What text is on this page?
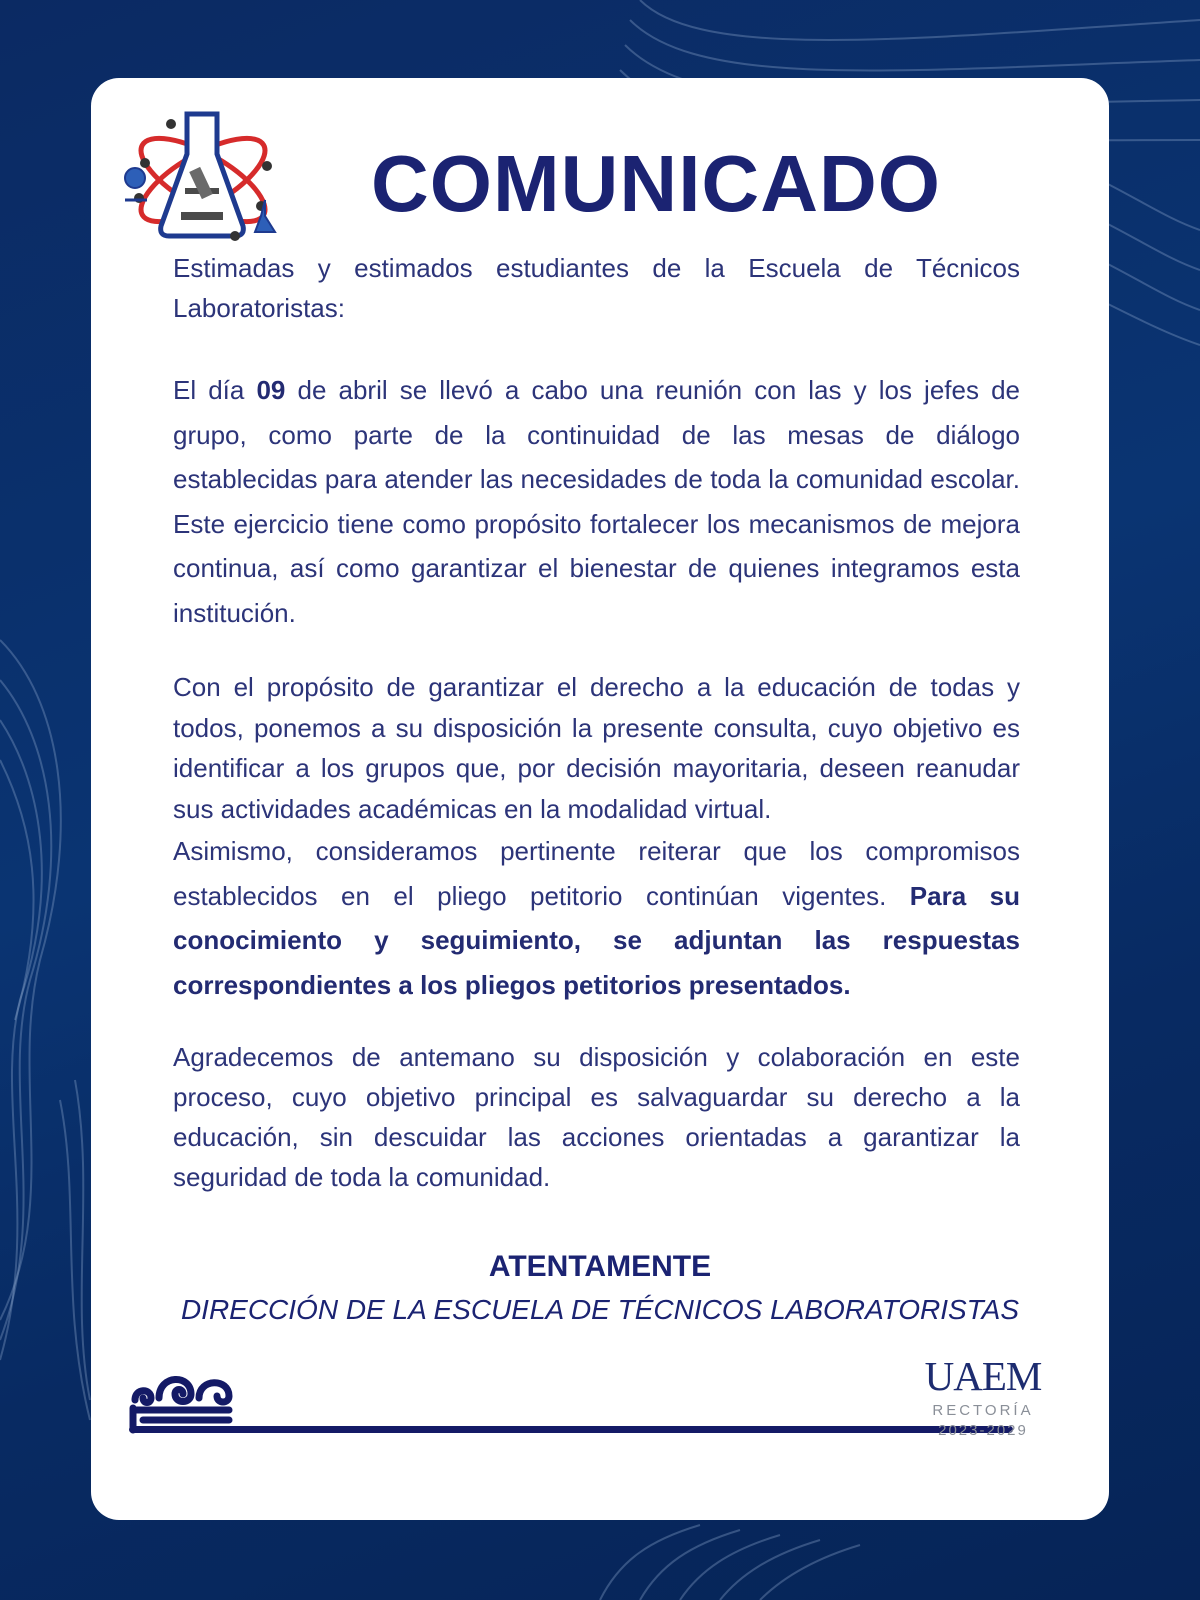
COMUNICADO

Estimadas y estimados estudiantes de la Escuela de Técnicos Laboratoristas:

El día 09 de abril se llevó a cabo una reunión con las y los jefes de grupo, como parte de la continuidad de las mesas de diálogo establecidas para atender las necesidades de toda la comunidad escolar. Este ejercicio tiene como propósito fortalecer los mecanismos de mejora continua, así como garantizar el bienestar de quienes integramos esta institución.

Con el propósito de garantizar el derecho a la educación de todas y todos, ponemos a su disposición la presente consulta, cuyo objetivo es identificar a los grupos que, por decisión mayoritaria, deseen reanudar sus actividades académicas en la modalidad virtual.

Asimismo, consideramos pertinente reiterar que los compromisos establecidos en el pliego petitorio continúan vigentes. Para su conocimiento y seguimiento, se adjuntan las respuestas correspondientes a los pliegos petitorios presentados.

Agradecemos de antemano su disposición y colaboración en este proceso, cuyo objetivo principal es salvaguardar su derecho a la educación, sin descuidar las acciones orientadas a garantizar la seguridad de toda la comunidad.

ATENTAMENTE
DIRECCIÓN DE LA ESCUELA DE TÉCNICOS LABORATORISTAS
UAEM
RECTORÍA
2023-2029
